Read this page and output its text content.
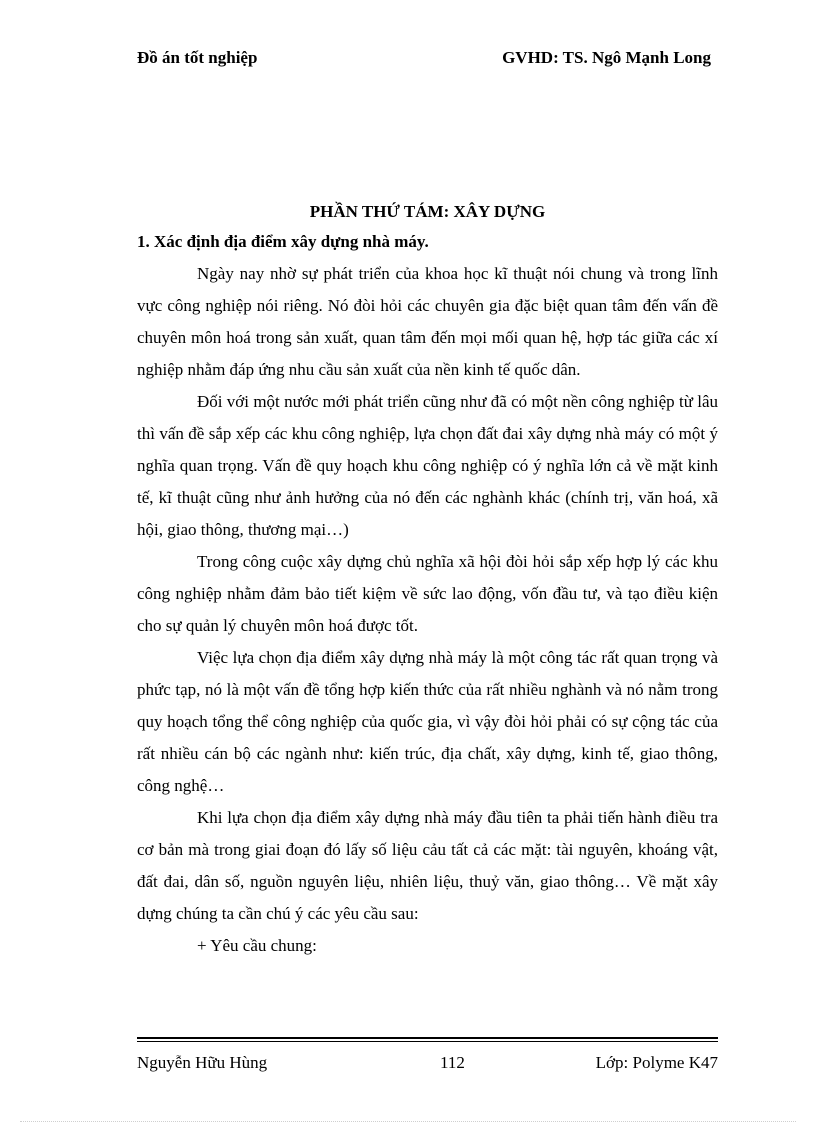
Đồ án tốt nghiệp	GVHD: TS. Ngô Mạnh Long
PHẦN THỨ TÁM: XÂY DỰNG
1. Xác định địa điểm xây dựng nhà máy.

Ngày nay nhờ sự phát triển của khoa học kĩ thuật nói chung và trong lĩnh vực công nghiệp nói riêng. Nó đòi hỏi các chuyên gia đặc biệt quan tâm đến vấn đề chuyên môn hoá trong sản xuất, quan tâm đến mọi mối quan hệ, hợp tác giữa các xí nghiệp nhằm đáp ứng nhu cầu sản xuất của nền kinh tế quốc dân.

Đối với một nước mới phát triển cũng như đã có một nền công nghiệp từ lâu thì vấn đề sắp xếp các khu công nghiệp, lựa chọn đất đai xây dựng nhà máy có một ý nghĩa quan trọng. Vấn đề quy hoạch khu công nghiệp có ý nghĩa lớn cả về mặt kinh tế, kĩ thuật cũng như ảnh hưởng của nó đến các nghành khác (chính trị, văn hoá, xã hội, giao thông, thương mại…)

Trong công cuộc xây dựng chủ nghĩa xã hội đòi hỏi sắp xếp hợp lý các khu công nghiệp nhằm đảm bảo tiết kiệm về sức lao động, vốn đầu tư, và tạo điều kiện cho sự quản lý chuyên môn hoá được tốt.

Việc lựa chọn địa điểm xây dựng nhà máy là một công tác rất quan trọng và phức tạp, nó là một vấn đề tổng hợp kiến thức của rất nhiều nghành và nó nằm trong quy hoạch tổng thể công nghiệp của quốc gia, vì vậy đòi hỏi phải có sự cộng tác của rất nhiều cán bộ các ngành như: kiến trúc, địa chất, xây dựng, kinh tế, giao thông, công nghệ…

Khi lựa chọn địa điểm xây dựng nhà máy đầu tiên ta phải tiến hành điều tra cơ bản mà trong giai đoạn đó lấy số liệu cảu tất cả các mặt: tài nguyên, khoáng vật, đất đai, dân số, nguồn nguyên liệu, nhiên liệu, thuỷ văn, giao thông… Về mặt xây dựng chúng ta cần chú ý các yêu cầu sau:

+ Yêu cầu chung:
Nguyễn Hữu Hùng	112	Lớp: Polyme K47
